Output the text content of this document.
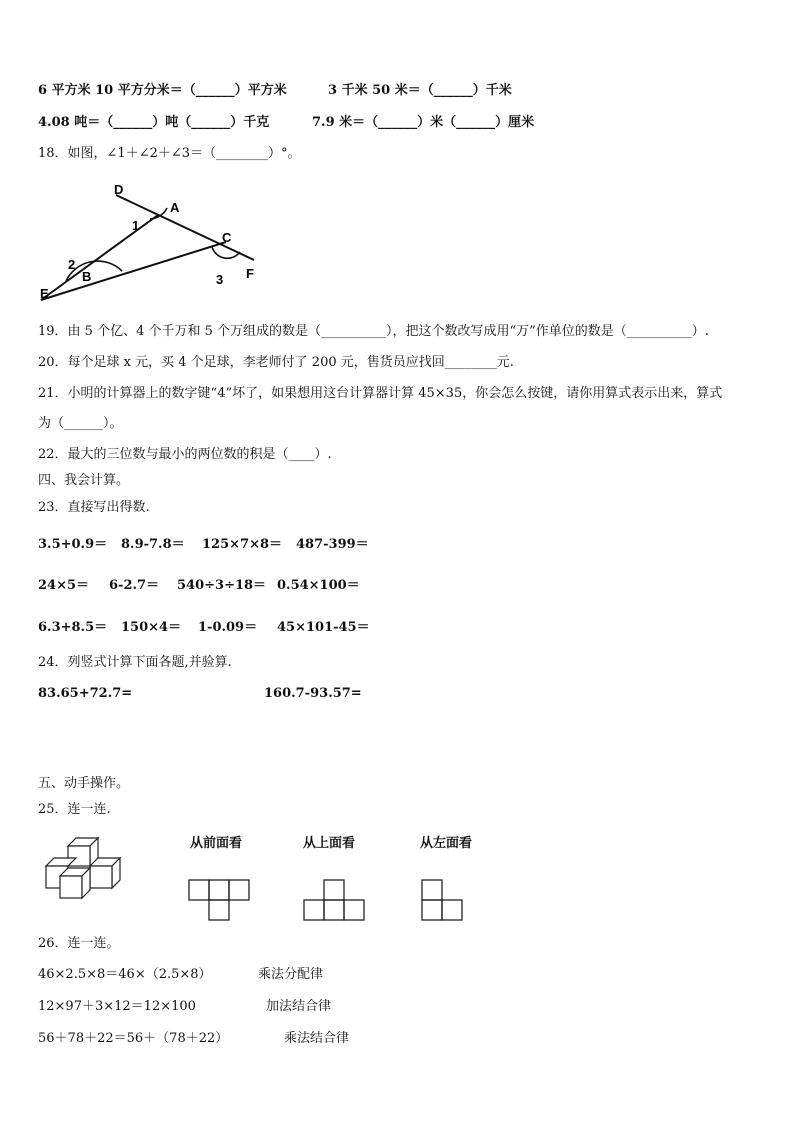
6 平方米 10 平方分米＝（______）平方米	3 千米 50 米＝（______）千米
4.08 吨＝（______）吨（______）千克	7.9 米＝（______）米（______）厘米
18．如图，∠1＋∠2＋∠3＝（________）°。
D
A
C
F
E
B
1
2
3
19．由 5 个亿、4 个千万和 5 个万组成的数是（__________），把这个数改写成用“万”作单位的数是（__________）.
20．每个足球 x 元，买 4 个足球，李老师付了 200 元，售货员应找回________元.
21．小明的计算器上的数字键“4”坏了，如果想用这台计算器计算 45×35，你会怎么按键，请你用算式表示出来，算式
为（______）。
22．最大的三位数与最小的两位数的积是（____）.
四、我会计算。
23．直接写出得数.
3.5+0.9＝ 8.9-7.8＝ 125×7×8＝ 487-399＝
24×5＝ 6-2.7＝ 540÷3÷18＝ 0.54×100＝
6.3+8.5＝ 150×4＝ 1-0.09＝ 45×101-45＝
24．列竖式计算下面各题,并验算.
83.65+72.7=	160.7-93.57=
五、动手操作。
25．连一连.
从前面看	从上面看	从左面看
26．连一连。
46×2.5×8＝46×（2.5×8）	乘法分配律
12×97＋3×12＝12×100	加法结合律
56＋78＋22＝56＋（78＋22）	乘法结合律
